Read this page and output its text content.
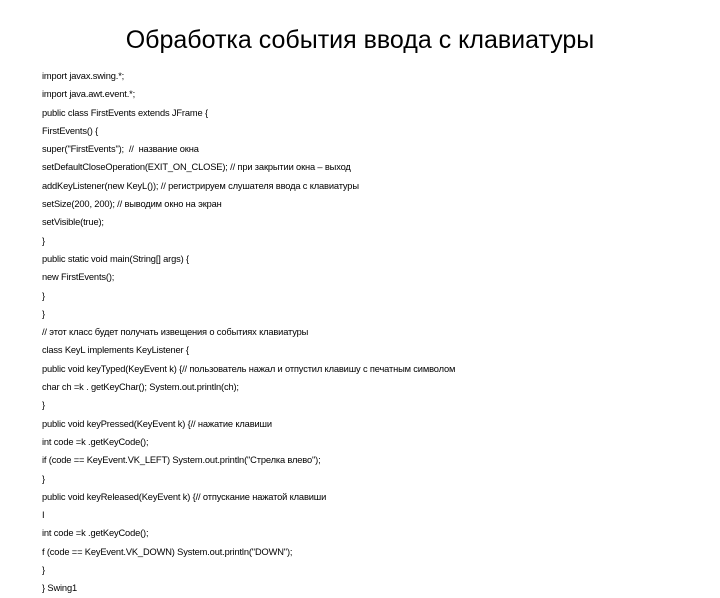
Обработка события ввода с клавиатуры
import javax.swing.*;
import java.awt.event.*;
public class FirstEvents extends JFrame {
FirstEvents() {
super("FirstEvents");  //  название окна
setDefaultCloseOperation(EXIT_ON_CLOSE); // при закрытии окна – выход
addKeyListener(new KeyL()); // регистрируем слушателя ввода с клавиатуры
setSize(200, 200); // выводим окно на экран
setVisible(true);
}
public static void main(String[] args) {
new FirstEvents();
}
}
// этот класс будет получать извещения о событиях клавиатуры
class KeyL implements KeyListener {
public void keyTyped(KeyEvent k) {// пользователь нажал и отпустил клавишу с печатным символом
char ch =k . getKeyChar(); System.out.println(ch);
}
public void keyPressed(KeyEvent k) {// нажатие клавиши
int code =k .getKeyCode();
if (code == KeyEvent.VK_LEFT) System.out.println("Стрелка влево");
}
public void keyReleased(KeyEvent k) {// отпускание нажатой клавиши
I
int code =k .getKeyCode();
f (code == KeyEvent.VK_DOWN) System.out.println("DOWN");
}
} Swing1
